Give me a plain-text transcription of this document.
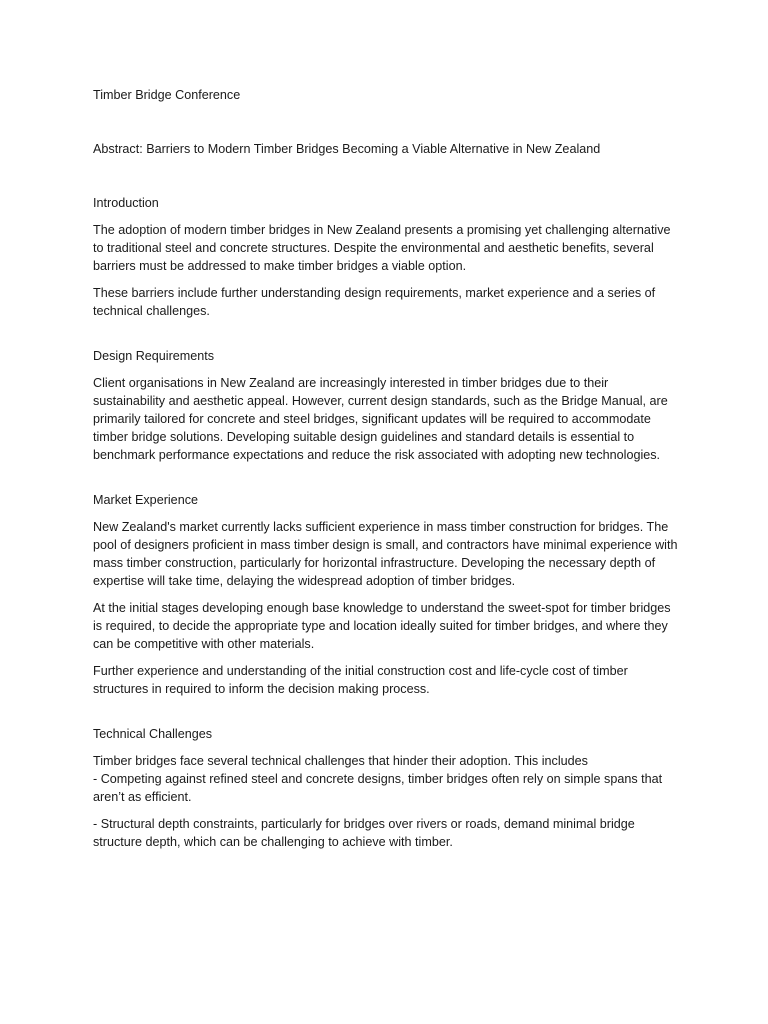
Timber Bridge Conference

Abstract: Barriers to Modern Timber Bridges Becoming a Viable Alternative in New Zealand

Introduction

The adoption of modern timber bridges in New Zealand presents a promising yet challenging alternative to traditional steel and concrete structures. Despite the environmental and aesthetic benefits, several barriers must be addressed to make timber bridges a viable option.

These barriers include further understanding design requirements, market experience and a series of technical challenges.

Design Requirements

Client organisations in New Zealand are increasingly interested in timber bridges due to their sustainability and aesthetic appeal. However, current design standards, such as the Bridge Manual, are primarily tailored for concrete and steel bridges, significant updates will be required to accommodate timber bridge solutions. Developing suitable design guidelines and standard details is essential to benchmark performance expectations and reduce the risk associated with adopting new technologies.

Market Experience

New Zealand's market currently lacks sufficient experience in mass timber construction for bridges. The pool of designers proficient in mass timber design is small, and contractors have minimal experience with mass timber construction, particularly for horizontal infrastructure. Developing the necessary depth of expertise will take time, delaying the widespread adoption of timber bridges.

At the initial stages developing enough base knowledge to understand the sweet-spot for timber bridges is required, to decide the appropriate type and location ideally suited for timber bridges, and where they can be competitive with other materials.

Further experience and understanding of the initial construction cost and life-cycle cost of timber structures in required to inform the decision making process.

Technical Challenges

Timber bridges face several technical challenges that hinder their adoption. This includes
- Competing against refined steel and concrete designs, timber bridges often rely on simple spans that aren’t as efficient.

- Structural depth constraints, particularly for bridges over rivers or roads, demand minimal bridge structure depth, which can be challenging to achieve with timber.
